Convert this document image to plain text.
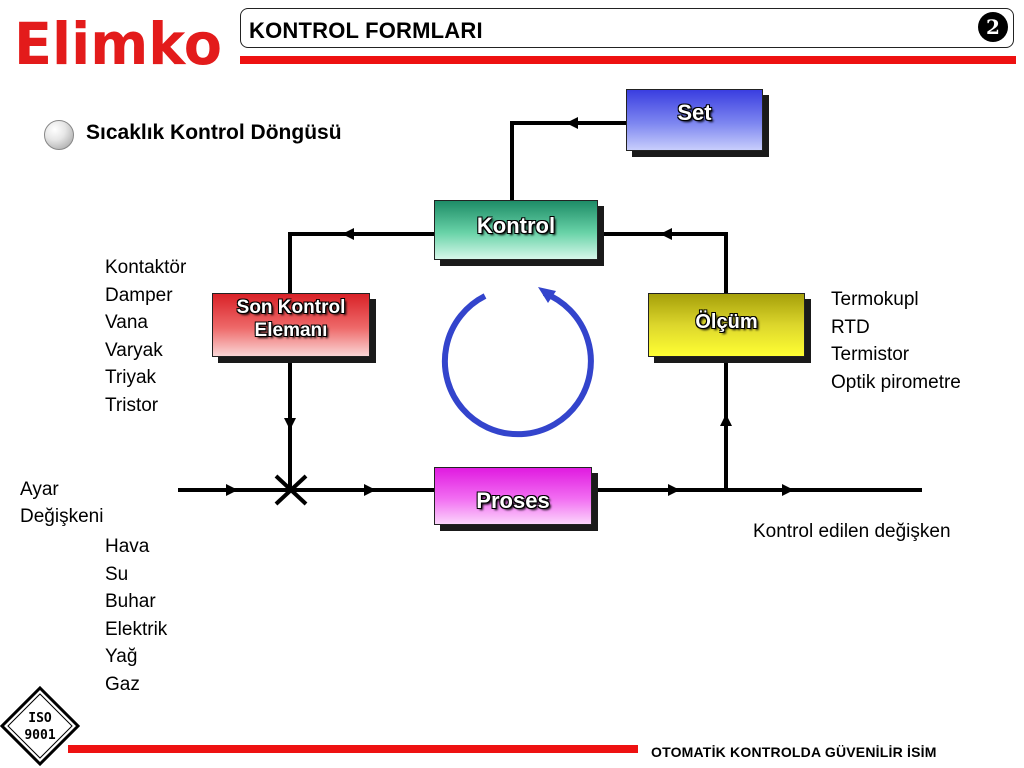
Elimko KONTROL FORMLARI	2
Sıcaklık Kontrol Döngüsü
Set
Kontrol
Son Kontrol
Elemanı	Ölçüm
Proses
Kontaktör
Damper
Vana
Varyak
Triyak
Tristor
Termokupl
RTD
Termistor
Optik pirometre
Ayar
Değişkeni
Hava
Su
Buhar
Elektrik
Yağ
Gaz
Kontrol edilen değişken
ISO
9001
OTOMATİK KONTROLDA GÜVENİLİR İSİM
